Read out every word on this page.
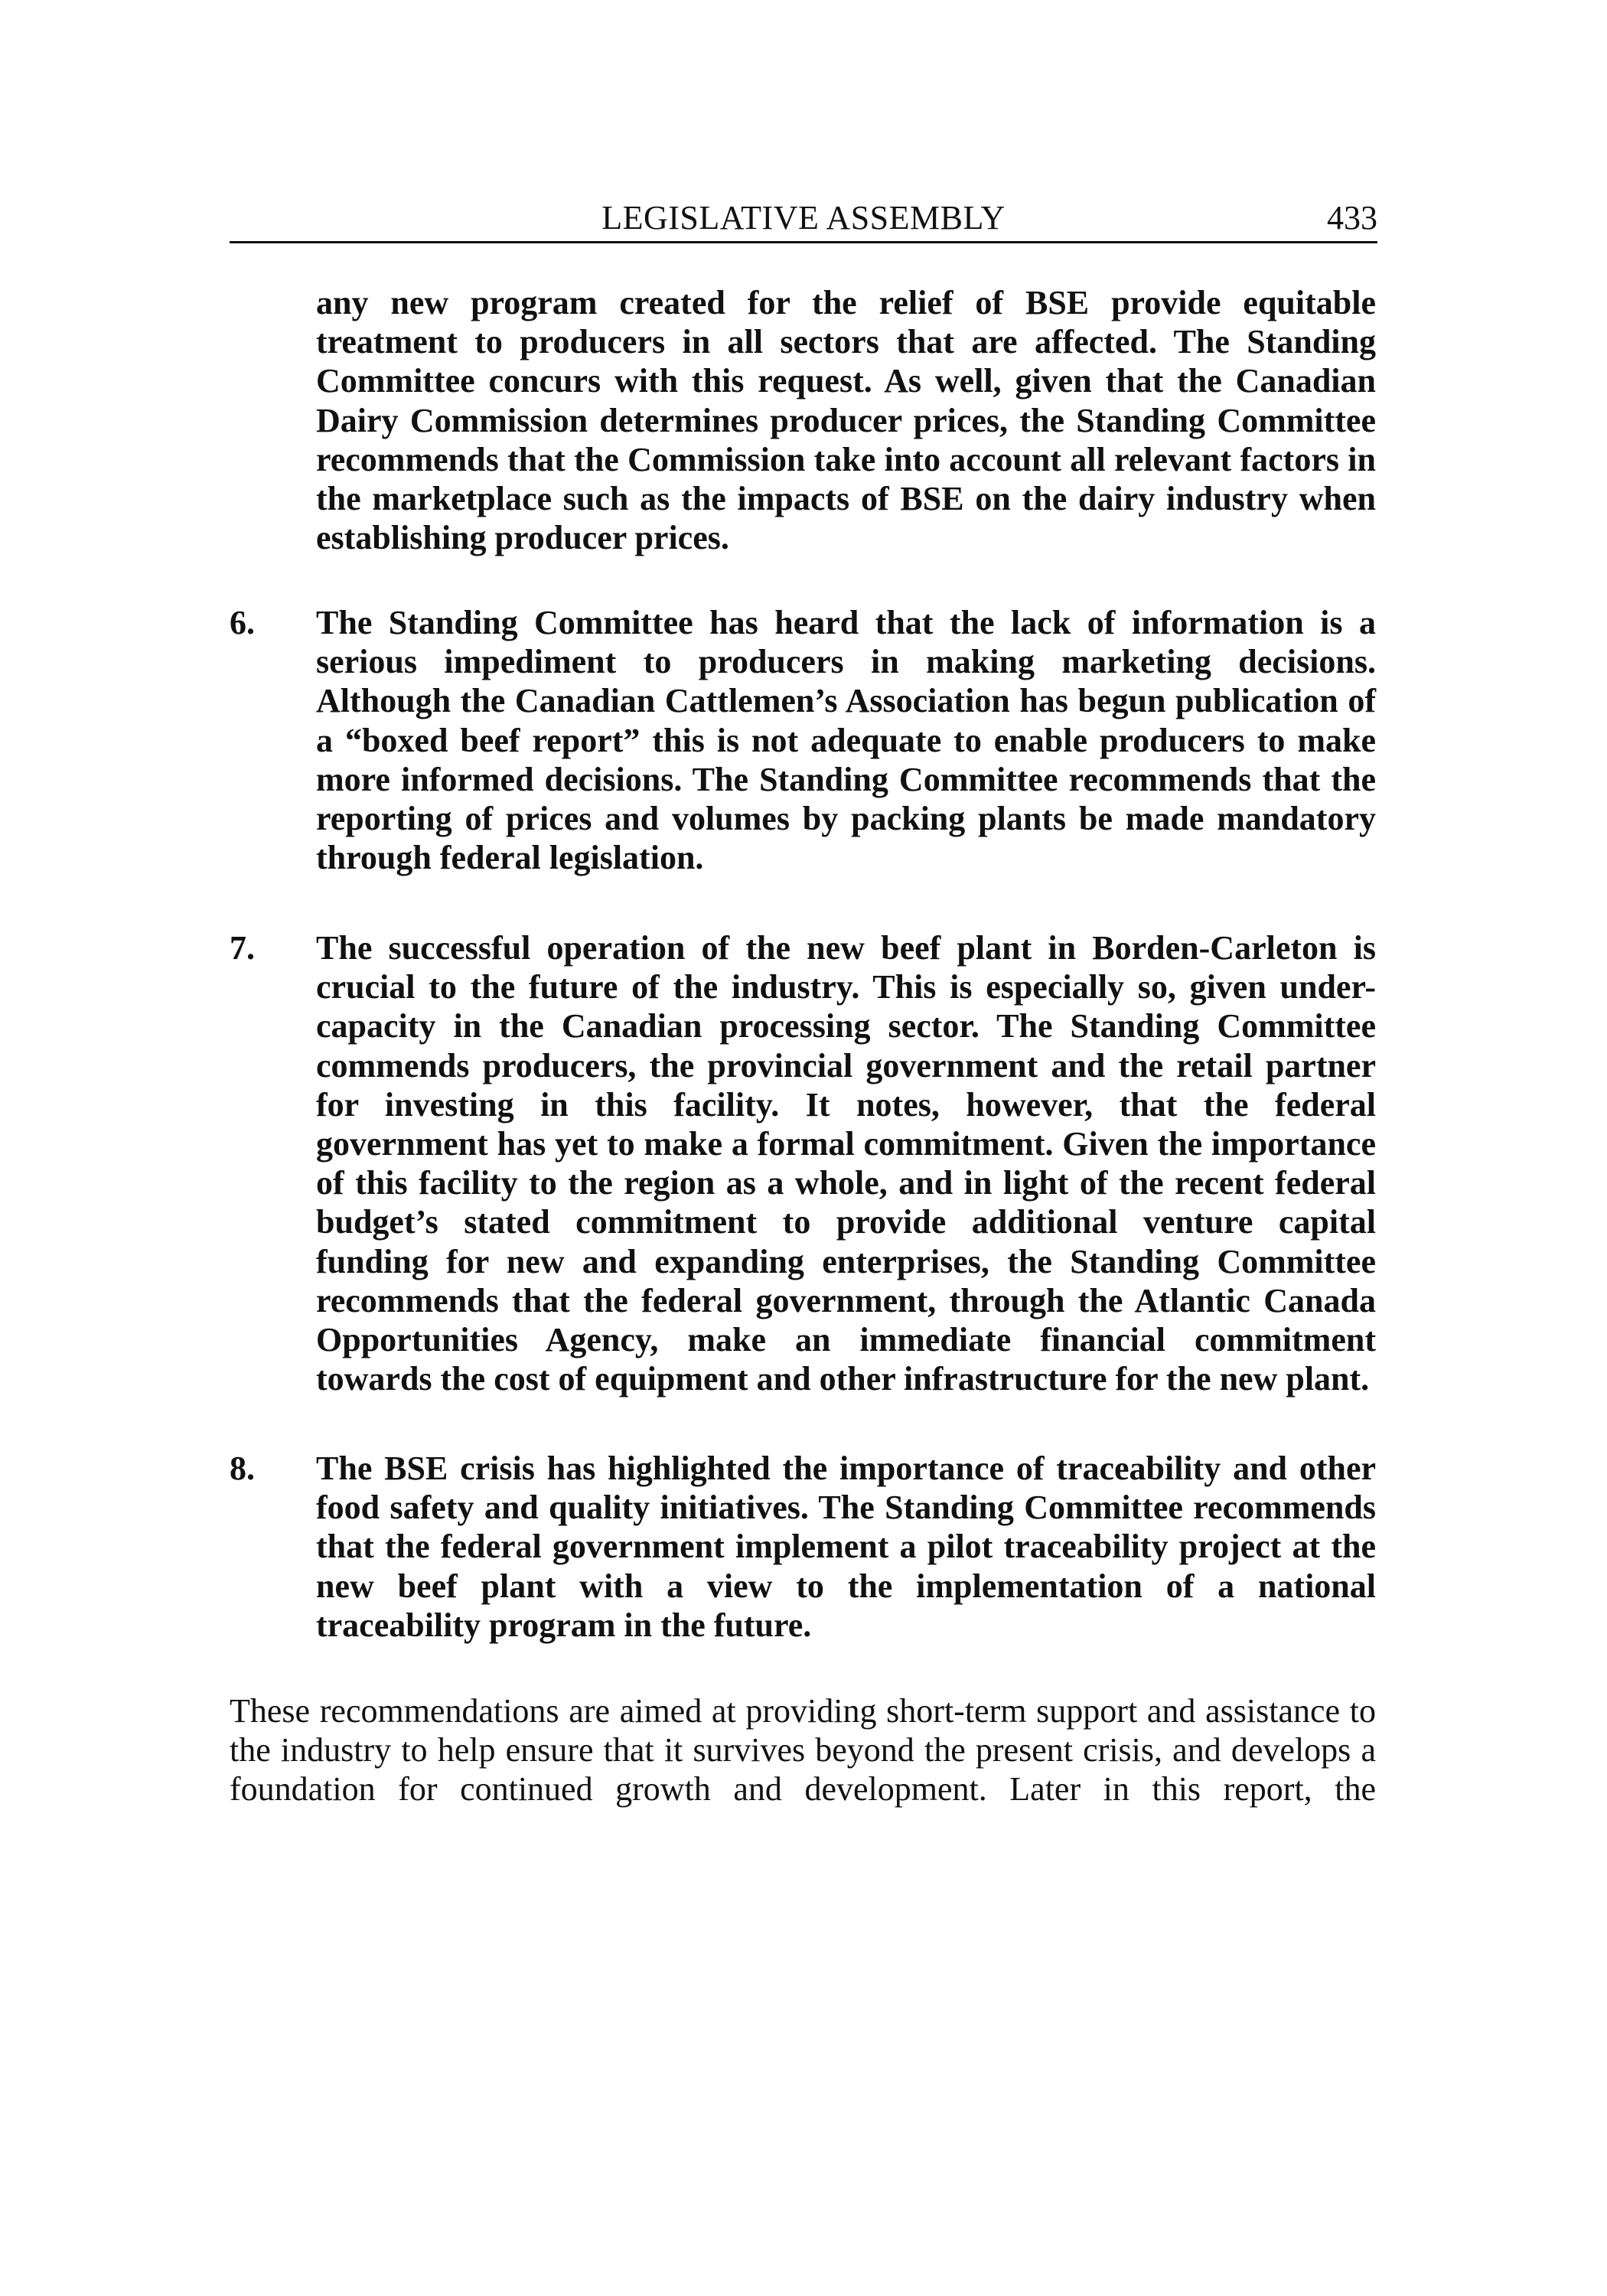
LEGISLATIVE ASSEMBLY	433
any new program created for the relief of BSE provide equitable treatment to producers in all sectors that are affected. The Standing Committee concurs with this request. As well, given that the Canadian Dairy Commission determines producer prices, the Standing Committee recommends that the Commission take into account all relevant factors in the marketplace such as the impacts of BSE on the dairy industry when establishing producer prices.
6.	The Standing Committee has heard that the lack of information is a serious impediment to producers in making marketing decisions. Although the Canadian Cattlemen’s Association has begun publication of a “boxed beef report” this is not adequate to enable producers to make more informed decisions. The Standing Committee recommends that the reporting of prices and volumes by packing plants be made mandatory through federal legislation.
7.	The successful operation of the new beef plant in Borden-Carleton is crucial to the future of the industry. This is especially so, given under-capacity in the Canadian processing sector. The Standing Committee commends producers, the provincial government and the retail partner for investing in this facility. It notes, however, that the federal government has yet to make a formal commitment. Given the importance of this facility to the region as a whole, and in light of the recent federal budget’s stated commitment to provide additional venture capital funding for new and expanding enterprises, the Standing Committee recommends that the federal government, through the Atlantic Canada Opportunities Agency, make an immediate financial commitment towards the cost of equipment and other infrastructure for the new plant.
8.	The BSE crisis has highlighted the importance of traceability and other food safety and quality initiatives. The Standing Committee recommends that the federal government implement a pilot traceability project at the new beef plant with a view to the implementation of a national traceability program in the future.
These recommendations are aimed at providing short-term support and assistance to the industry to help ensure that it survives beyond the present crisis, and develops a foundation for continued growth and development. Later in this report, the
